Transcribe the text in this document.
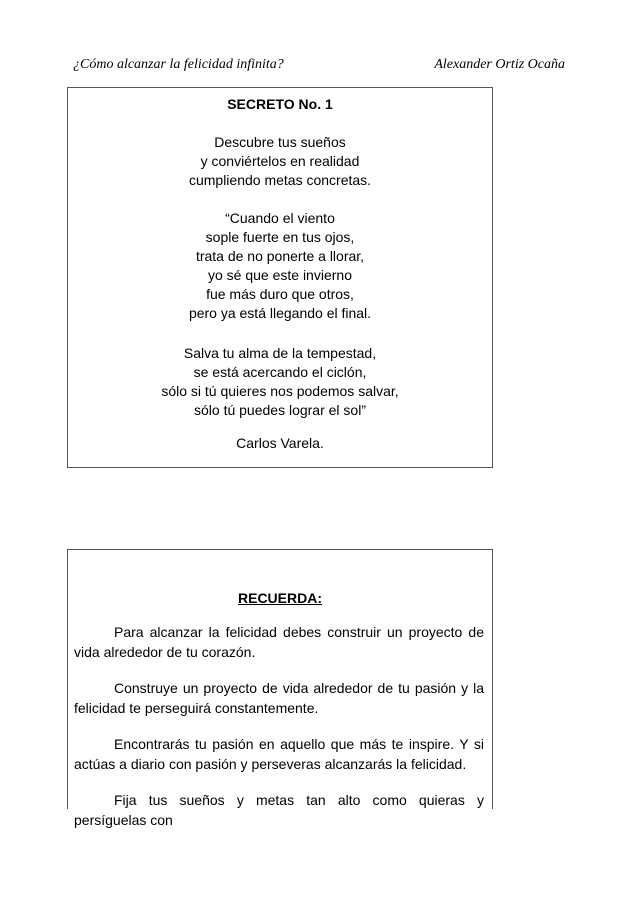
¿Cómo alcanzar la felicidad infinita?	Alexander Ortiz Ocaña
SECRETO No. 1
Descubre tus sueños
y conviértelos en realidad
cumpliendo metas concretas.
“Cuando el viento
sople fuerte en tus ojos,
trata de no ponerte a llorar,
yo sé que este invierno
fue más duro que otros,
pero ya está llegando el final.
Salva tu alma de la tempestad,
se está acercando el ciclón,
sólo si tú quieres nos podemos salvar,
sólo tú puedes lograr el sol”
Carlos Varela.
RECUERDA:

Para alcanzar la felicidad debes construir un proyecto de vida alrededor de tu corazón.

Construye un proyecto de vida alrededor de tu pasión y la felicidad te perseguirá constantemente.

Encontrarás tu pasión en aquello que más te inspire. Y si actúas a diario con pasión y perseveras alcanzarás la felicidad.

Fija tus sueños y metas tan alto como quieras y persíguelas con
